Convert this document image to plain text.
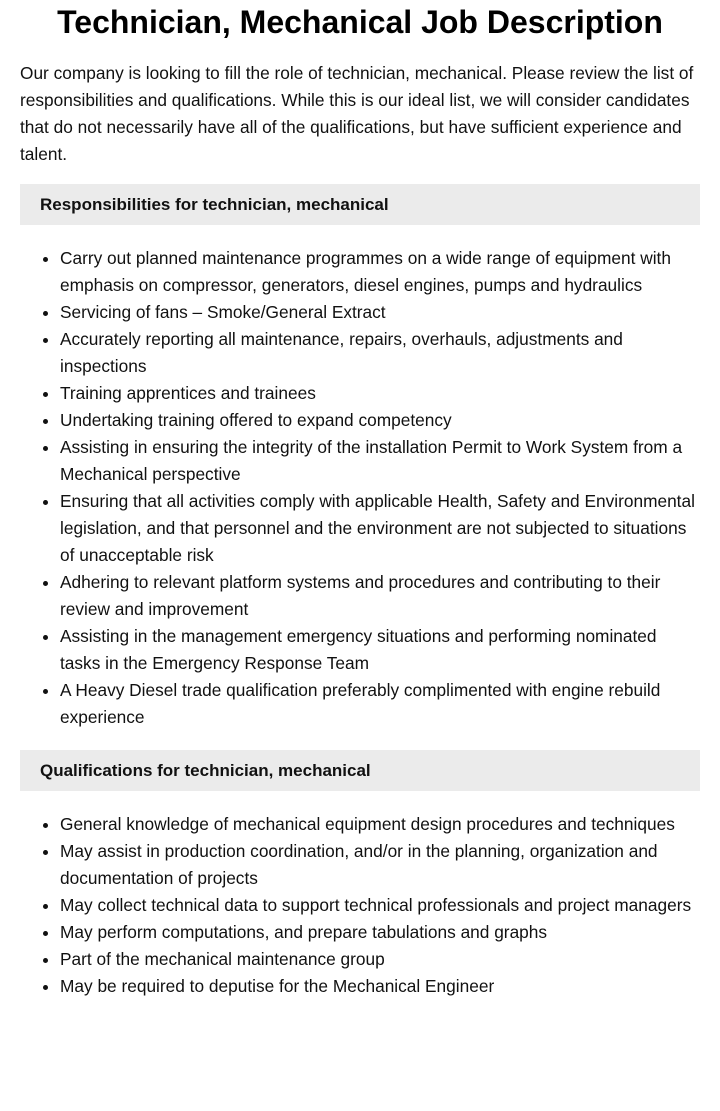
Technician, Mechanical Job Description

Our company is looking to fill the role of technician, mechanical. Please review the list of responsibilities and qualifications. While this is our ideal list, we will consider candidates that do not necessarily have all of the qualifications, but have sufficient experience and talent.

Responsibilities for technician, mechanical
• Carry out planned maintenance programmes on a wide range of equipment with emphasis on compressor, generators, diesel engines, pumps and hydraulics
• Servicing of fans – Smoke/General Extract
• Accurately reporting all maintenance, repairs, overhauls, adjustments and inspections
• Training apprentices and trainees
• Undertaking training offered to expand competency
• Assisting in ensuring the integrity of the installation Permit to Work System from a Mechanical perspective
• Ensuring that all activities comply with applicable Health, Safety and Environmental legislation, and that personnel and the environment are not subjected to situations of unacceptable risk
• Adhering to relevant platform systems and procedures and contributing to their review and improvement
• Assisting in the management emergency situations and performing nominated tasks in the Emergency Response Team
• A Heavy Diesel trade qualification preferably complimented with engine rebuild experience
Qualifications for technician, mechanical
• General knowledge of mechanical equipment design procedures and techniques
• May assist in production coordination, and/or in the planning, organization and documentation of projects
• May collect technical data to support technical professionals and project managers
• May perform computations, and prepare tabulations and graphs
• Part of the mechanical maintenance group
• May be required to deputise for the Mechanical Engineer
